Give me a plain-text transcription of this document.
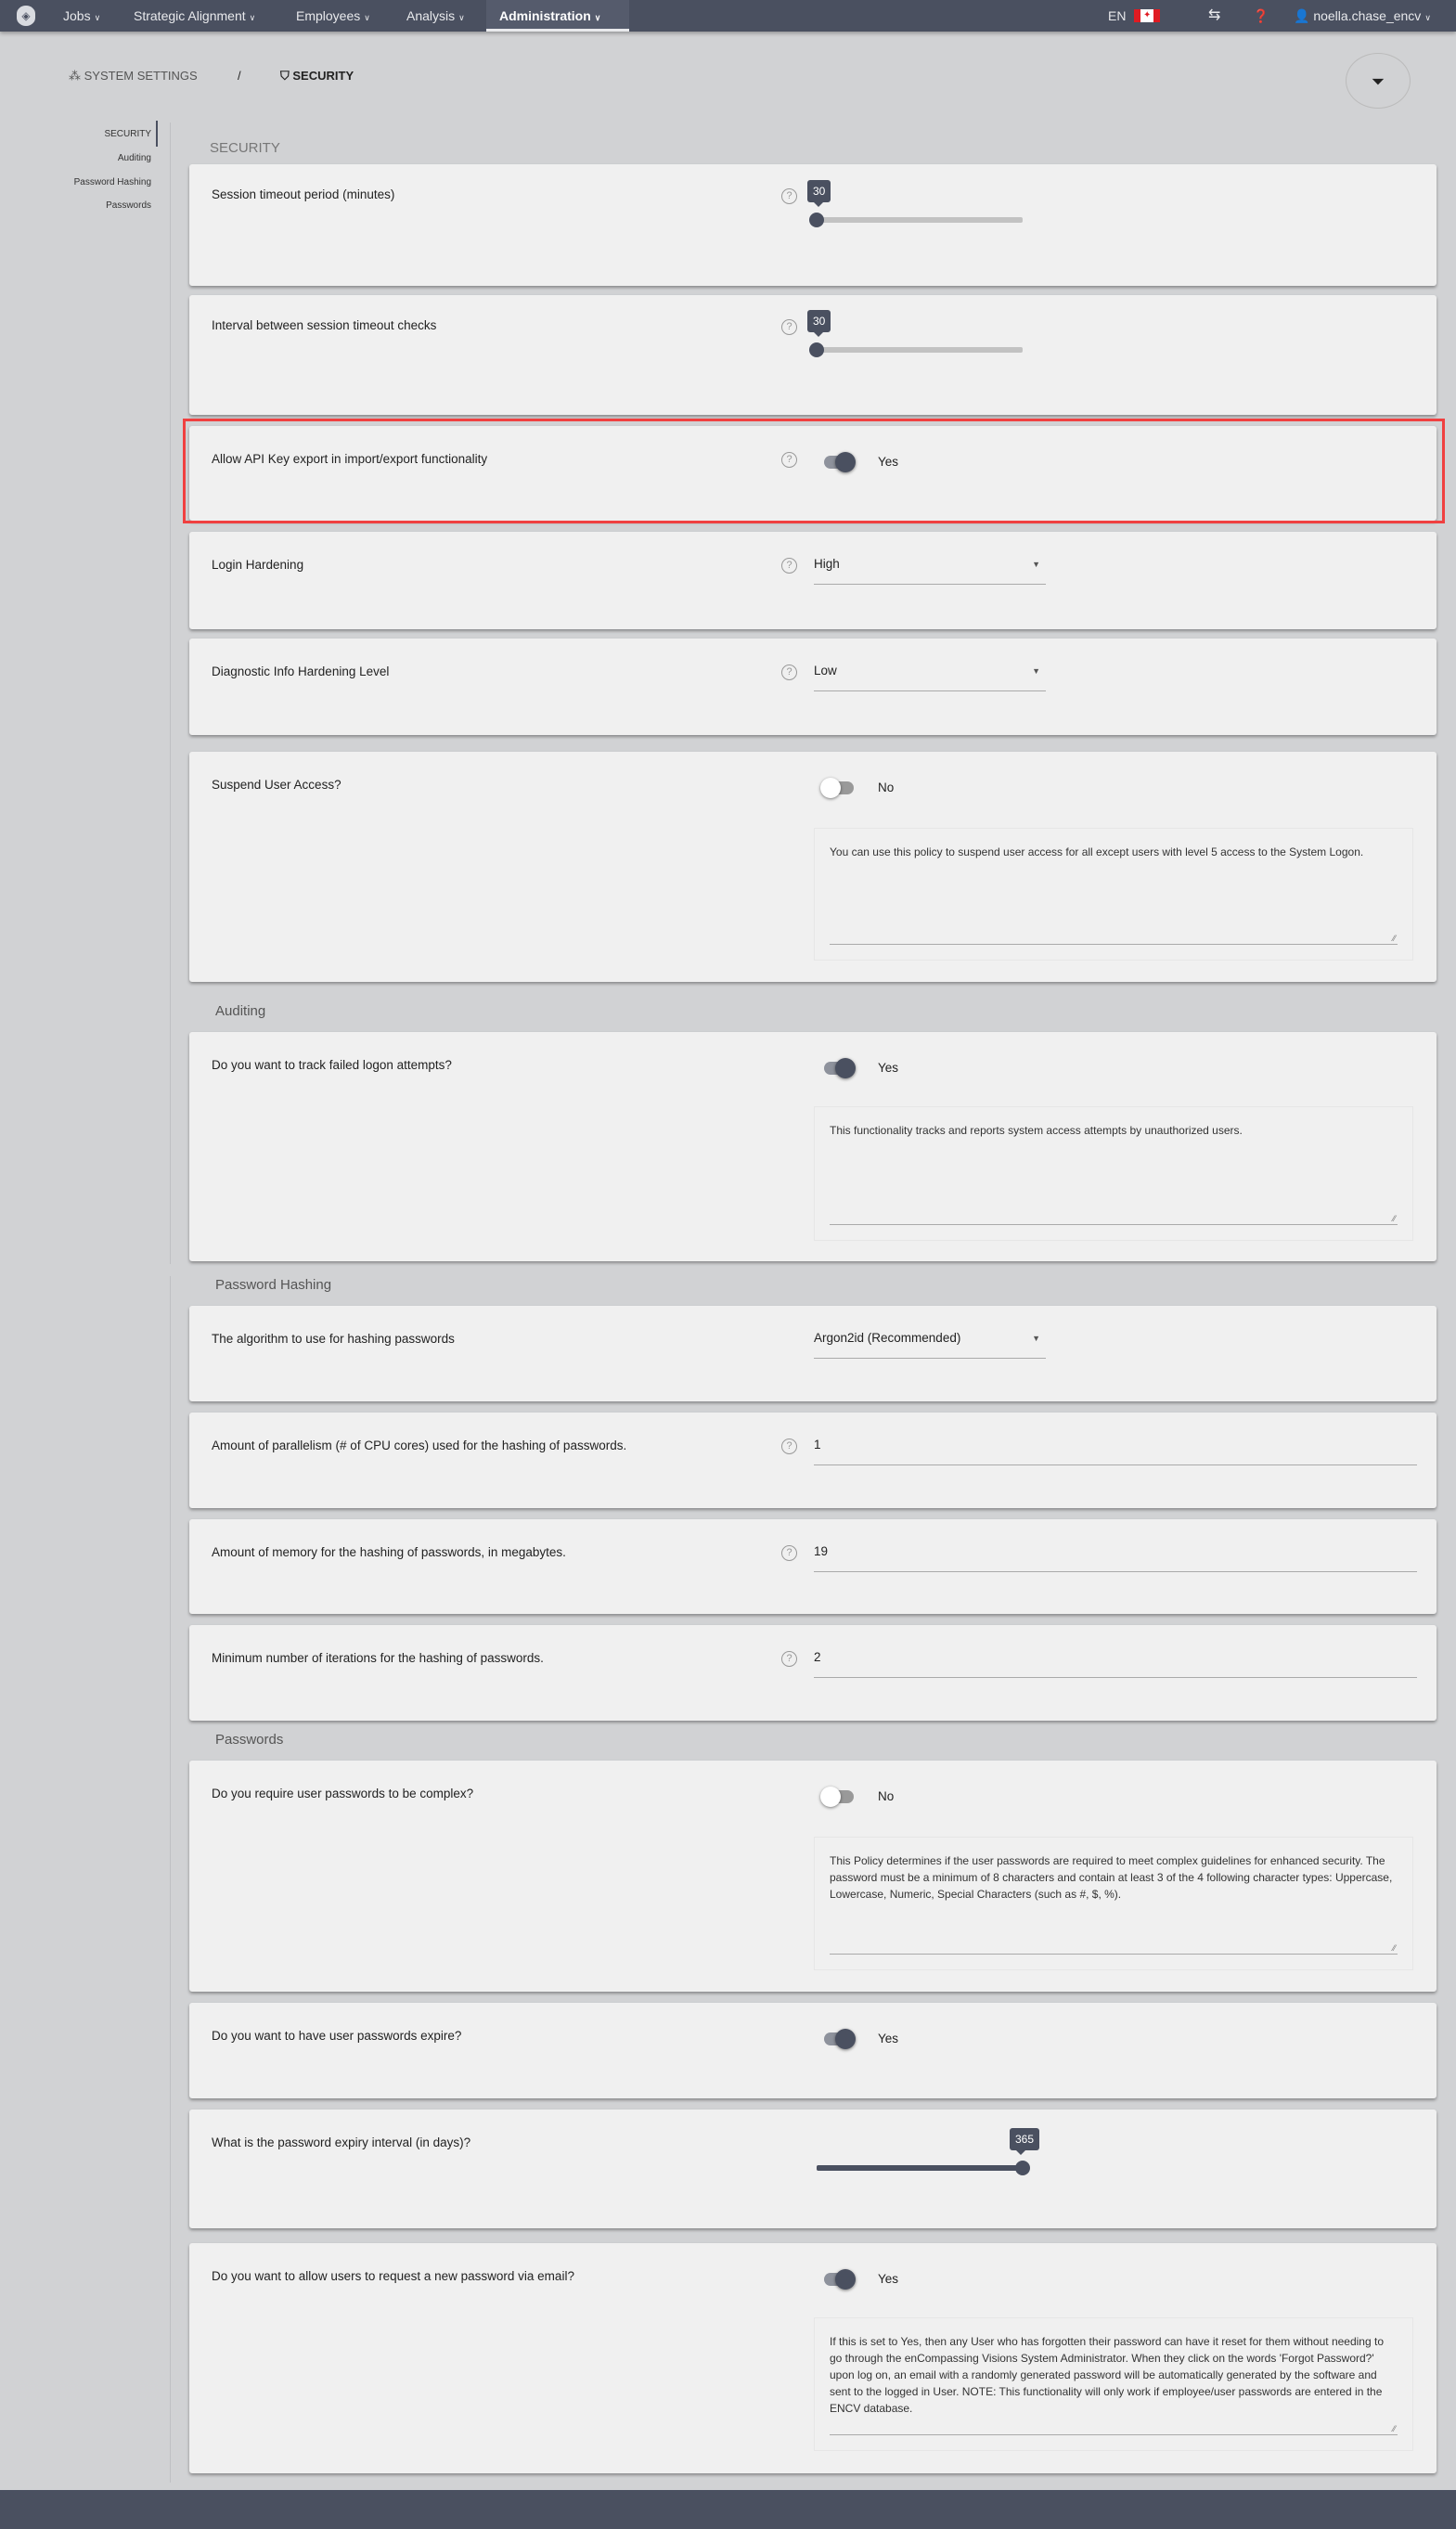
◈	Jobs ∨	Strategic Alignment ∨	Employees ∨	Analysis ∨	Administration ∨	EN ✦	⇆ ❓ 👤 noella.chase_encv ∨
⁂ SYSTEM SETTINGS	/	⛉ SECURITY	⏷
SECURITY
Auditing
Password Hashing
Passwords
SECURITY
Session timeout period (minutes)	?	30
Interval between session timeout checks	?	30
Allow API Key export in import/export functionality	?	Yes
Login Hardening	?	High	▼
Diagnostic Info Hardening Level	?	Low	▼
Suspend User Access?	No
You can use this policy to suspend user access for all except users with level 5 access to the System Logon.
⁄⁄
Auditing
Do you want to track failed logon attempts?	Yes
This functionality tracks and reports system access attempts by unauthorized users.
⁄⁄
Password Hashing
The algorithm to use for hashing passwords	Argon2id (Recommended)	▼
Amount of parallelism (# of CPU cores) used for the hashing of passwords.	?	1
Amount of memory for the hashing of passwords, in megabytes.	?	19
Minimum number of iterations for the hashing of passwords.	?	2
Passwords
Do you require user passwords to be complex?	No
This Policy determines if the user passwords are required to meet complex guidelines for enhanced security. The password must be a minimum of 8 characters and contain at least 3 of the 4 following character types: Uppercase, Lowercase, Numeric, Special Characters (such as #, $, %).
⁄⁄
Do you want to have user passwords expire?	Yes
What is the password expiry interval (in days)?	365
Do you want to allow users to request a new password via email?	Yes
If this is set to Yes, then any User who has forgotten their password can have it reset for them without needing to go through the enCompassing Visions System Administrator. When they click on the words 'Forgot Password?' upon log on, an email with a randomly generated password will be automatically generated by the software and sent to the logged in User. NOTE: This functionality will only work if employee/user passwords are entered in the ENCV database.
⁄⁄
